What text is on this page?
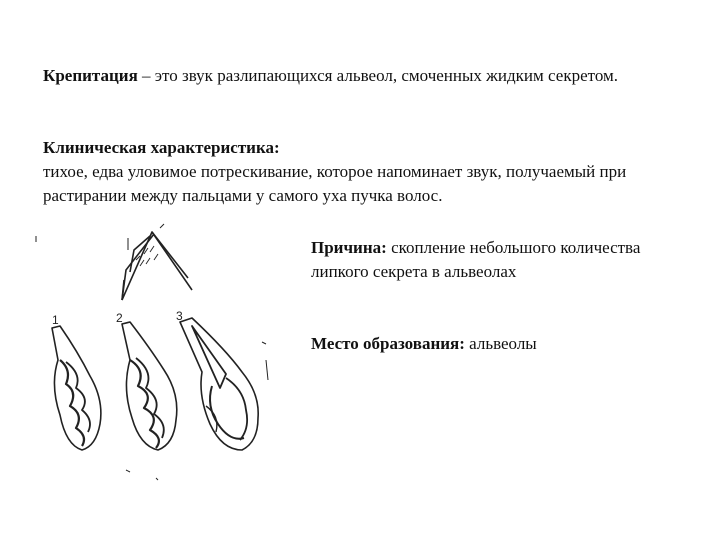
Крепитация – это звук разлипающихся альвеол, смоченных жидким секретом.
Клиническая характеристика:
тихое, едва уловимое потрескивание, которое напоминает звук, получаемый при растирании между пальцами у самого уха пучка волос.
Причина: скопление небольшого количества липкого секрета в альвеолах
Место образования: альвеолы
1	2	3
